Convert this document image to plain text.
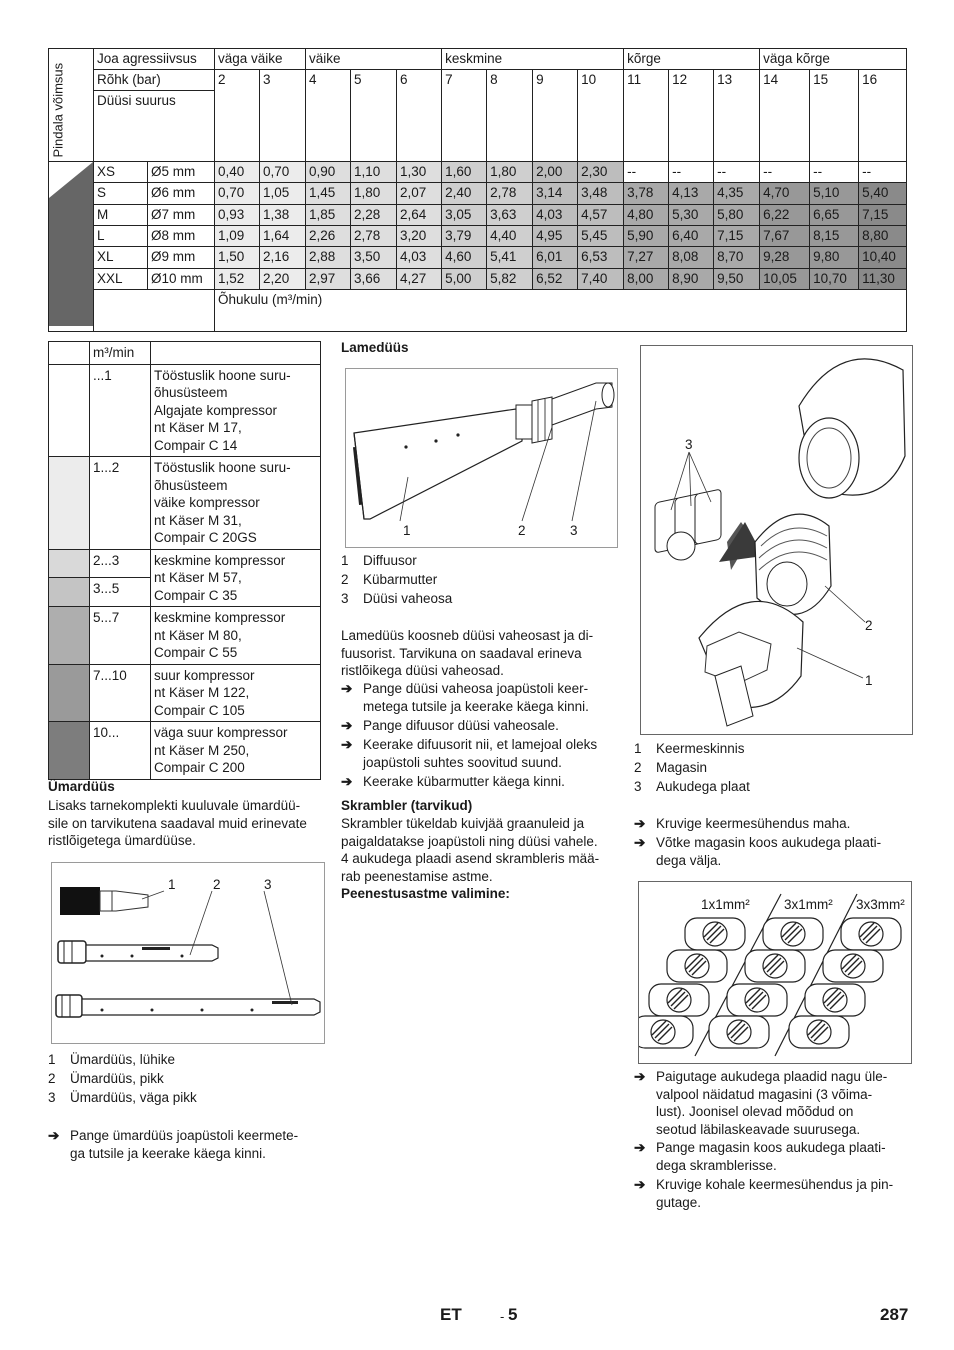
Pindala võimsus	Joa agressiivsus		väga väike		väike			keskmine				kõrge			väga kõrge		
	Rõhk (bar)		2	3	4	5	6	7	8	9	10	11	12	13	14	15	16
	Düüsi suurus																
	XS	Ø5 mm	0,40	0,70	0,90	1,10	1,30	1,60	1,80	2,00	2,30	--	--	--	--	--	--
	S	Ø6 mm	0,70	1,05	1,45	1,80	2,07	2,40	2,78	3,14	3,48	3,78	4,13	4,35	4,70	5,10	5,40
	M	Ø7 mm	0,93	1,38	1,85	2,28	2,64	3,05	3,63	4,03	4,57	4,80	5,30	5,80	6,22	6,65	7,15
	L	Ø8 mm	1,09	1,64	2,26	2,78	3,20	3,79	4,40	4,95	5,45	5,90	6,40	7,15	7,67	8,15	8,80
	XL	Ø9 mm	1,50	2,16	2,88	3,50	4,03	4,60	5,41	6,01	6,53	7,27	8,08	8,70	9,28	9,80	10,40
	XXL	Ø10 mm	1,52	2,20	2,97	3,66	4,27	5,00	5,82	6,52	7,40	8,00	8,90	9,50	10,05	10,70	11,30
			Õhukulu (m³/min)														
	m³/min	
	...1	Tööstuslik hoone suru-
õhusüsteem
Algajate kompressor
nt Käser M 17,
Compair C 14

	1...2	Tööstuslik hoone suru-
õhusüsteem
väike kompressor
nt Käser M 31,
Compair C 20GS

	2...3	keskmine kompressor
nt Käser M 57,
Compair C 35

	3...5	
	5...7	keskmine kompressor
nt Käser M 80,
Compair C 55

	7...10	suur kompressor
nt Käser M 122,
Compair C 105

	10...	väga suur kompressor
nt Käser M 250,
Compair C 200
Ümardüüs
Lisaks tarnekomplekti kuuluvale ümardüü-
sile on tarvikutena saadaval muid erinevate
ristlõigetega ümardüüse.
1	2	3
1 Ümardüüs, lühike
2 Ümardüüs, pikk
3 Ümardüüs, väga pikk
➔ Pange ümardüüs joapüstoli keermete-
ga tutsile ja keerake käega kinni.
Lamedüüs
1	2	3
1 Diffuusor
2 Kübarmutter
3 Düüsi vaheosa
Lamedüüs koosneb düüsi vaheosast ja di-
fuusorist. Tarvikuna on saadaval erineva
ristlõikega düüsi vaheosad.
➔ Pange düüsi vaheosa joapüstoli keer-
metega tutsile ja keerake käega kinni.
➔ Pange difuusor düüsi vaheosale.
➔ Keerake difuusorit nii, et lamejoal oleks
joapüstoli suhtes soovitud suund.
➔ Keerake kübarmutter käega kinni.
Skrambler (tarvikud)
Skrambler tükeldab kuivjää graanuleid ja
paigaldatakse joapüstoli ning düüsi vahele.
4 aukudega plaadi asend skrambleris mää-
rab peenestamise astme.
Peenestusastme valimine:
3
2
1
1 Keermeskinnis
2 Magasin
3 Aukudega plaat
➔ Kruvige keermesühendus maha.
➔ Võtke magasin koos aukudega plaati-
dega välja.
1x1mm²	3x1mm² 3x3mm²
➔ Paigutage aukudega plaadid nagu üle-
valpool näidatud magasini (3 võima-
lust). Joonisel olevad mõõdud on
seotud läbilaskeavade suurusega.
➔ Pange magasin koos aukudega plaati-
dega skramblerisse.
➔ Kruvige kohale keermesühendus ja pin-
gutage.
ET	- 5	287
